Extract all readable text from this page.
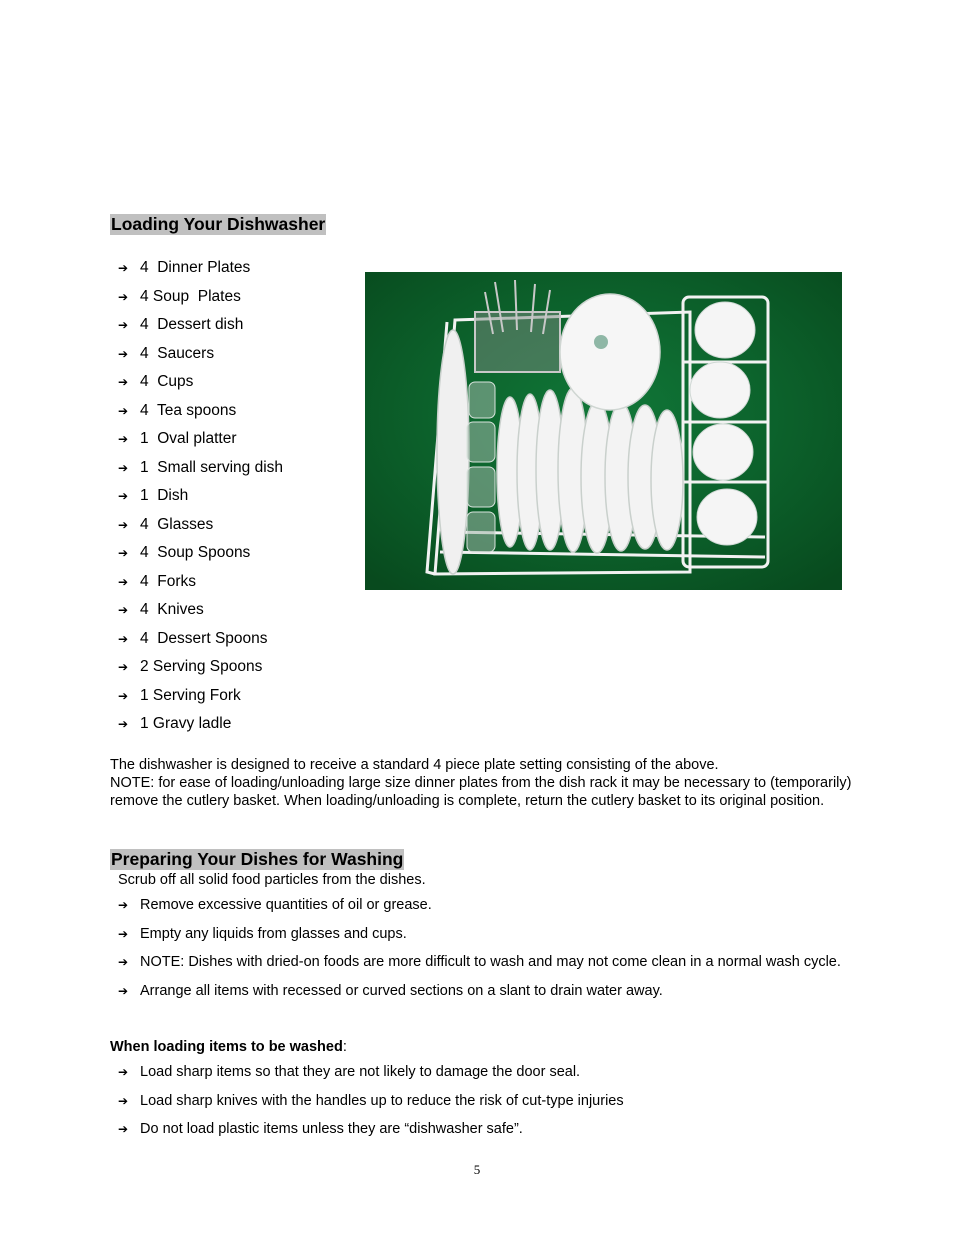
Loading Your Dishwasher
➔ 4  Dinner Plates
➔ 4 Soup  Plates
➔ 4  Dessert dish
➔ 4  Saucers
➔ 4  Cups
➔ 4  Tea spoons
➔ 1  Oval platter
➔ 1  Small serving dish
➔ 1  Dish
➔ 4  Glasses
➔ 4  Soup Spoons
➔ 4  Forks
➔ 4  Knives
➔ 4  Dessert Spoons
➔ 2 Serving Spoons
➔ 1 Serving Fork
➔ 1 Gravy ladle
The dishwasher is designed to receive a standard 4 piece plate setting consisting of the above.
NOTE: for ease of loading/unloading large size dinner plates from the dish rack it may be necessary to (temporarily) remove the cutlery basket. When loading/unloading is complete, return the cutlery basket to its original position.
Preparing Your Dishes for Washing
Scrub off all solid food particles from the dishes.
➔ Remove excessive quantities of oil or grease.
➔ Empty any liquids from glasses and cups.
➔ NOTE: Dishes with dried-on foods are more difficult to wash and may not come clean in a normal wash cycle.
➔ Arrange all items with recessed or curved sections on a slant to drain water away.
When loading items to be washed:
➔ Load sharp items so that they are not likely to damage the door seal.
➔ Load sharp knives with the handles up to reduce the risk of cut-type injuries
➔ Do not load plastic items unless they are “dishwasher safe”.
5
